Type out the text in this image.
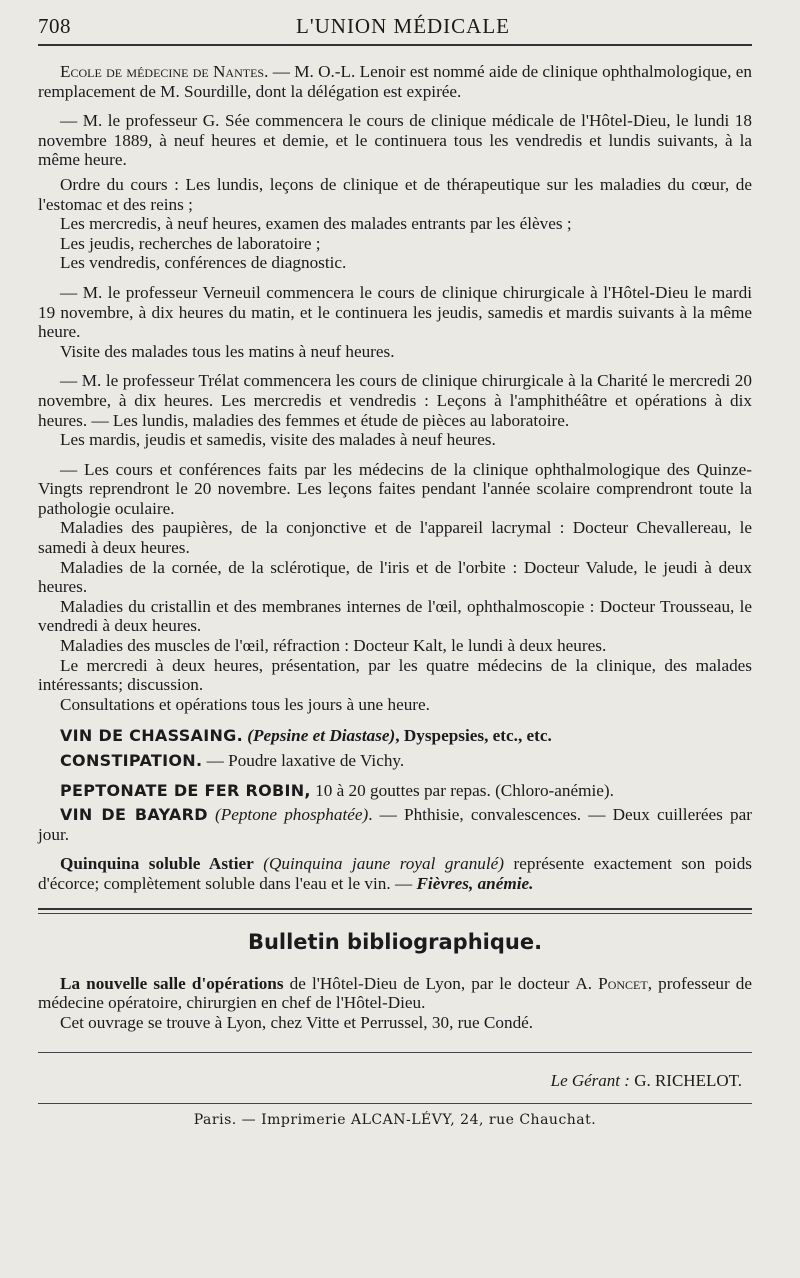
708	L'UNION MÉDICALE

Ecole de médecine de Nantes. — M. O.-L. Lenoir est nommé aide de clinique ophthalmologique, en remplacement de M. Sourdille, dont la délégation est expirée.

— M. le professeur G. Sée commencera le cours de clinique médicale de l'Hôtel-Dieu, le lundi 18 novembre 1889, à neuf heures et demie, et le continuera tous les vendredis et lundis suivants, à la même heure.

Ordre du cours : Les lundis, leçons de clinique et de thérapeutique sur les maladies du cœur, de l'estomac et des reins ;

Les mercredis, à neuf heures, examen des malades entrants par les élèves ;

Les jeudis, recherches de laboratoire ;

Les vendredis, conférences de diagnostic.

— M. le professeur Verneuil commencera le cours de clinique chirurgicale à l'Hôtel-Dieu le mardi 19 novembre, à dix heures du matin, et le continuera les jeudis, samedis et mardis suivants à la même heure.

Visite des malades tous les matins à neuf heures.

— M. le professeur Trélat commencera les cours de clinique chirurgicale à la Charité le mercredi 20 novembre, à dix heures. Les mercredis et vendredis : Leçons à l'amphithéâtre et opérations à dix heures. — Les lundis, maladies des femmes et étude de pièces au laboratoire.

Les mardis, jeudis et samedis, visite des malades à neuf heures.

— Les cours et conférences faits par les médecins de la clinique ophthalmologique des Quinze-Vingts reprendront le 20 novembre. Les leçons faites pendant l'année scolaire comprendront toute la pathologie oculaire.

Maladies des paupières, de la conjonctive et de l'appareil lacrymal : Docteur Chevallereau, le samedi à deux heures.

Maladies de la cornée, de la sclérotique, de l'iris et de l'orbite : Docteur Valude, le jeudi à deux heures.

Maladies du cristallin et des membranes internes de l'œil, ophthalmoscopie : Docteur Trousseau, le vendredi à deux heures.

Maladies des muscles de l'œil, réfraction : Docteur Kalt, le lundi à deux heures.

Le mercredi à deux heures, présentation, par les quatre médecins de la clinique, des malades intéressants; discussion.

Consultations et opérations tous les jours à une heure.

VIN DE CHASSAING. (Pepsine et Diastase), Dyspepsies, etc., etc.

CONSTIPATION. — Poudre laxative de Vichy.

PEPTONATE DE FER ROBIN, 10 à 20 gouttes par repas. (Chloro-anémie).

VIN DE BAYARD (Peptone phosphatée). — Phthisie, convalescences. — Deux cuillerées par jour.

Quinquina soluble Astier (Quinquina jaune royal granulé) représente exactement son poids d'écorce; complètement soluble dans l'eau et le vin. — Fièvres, anémie.

Bulletin bibliographique.

La nouvelle salle d'opérations de l'Hôtel-Dieu de Lyon, par le docteur A. Poncet, professeur de médecine opératoire, chirurgien en chef de l'Hôtel-Dieu.

Cet ouvrage se trouve à Lyon, chez Vitte et Perrussel, 30, rue Condé.

Le Gérant : G. RICHELOT.
Paris. — Imprimerie ALCAN-LÉVY, 24, rue Chauchat.
